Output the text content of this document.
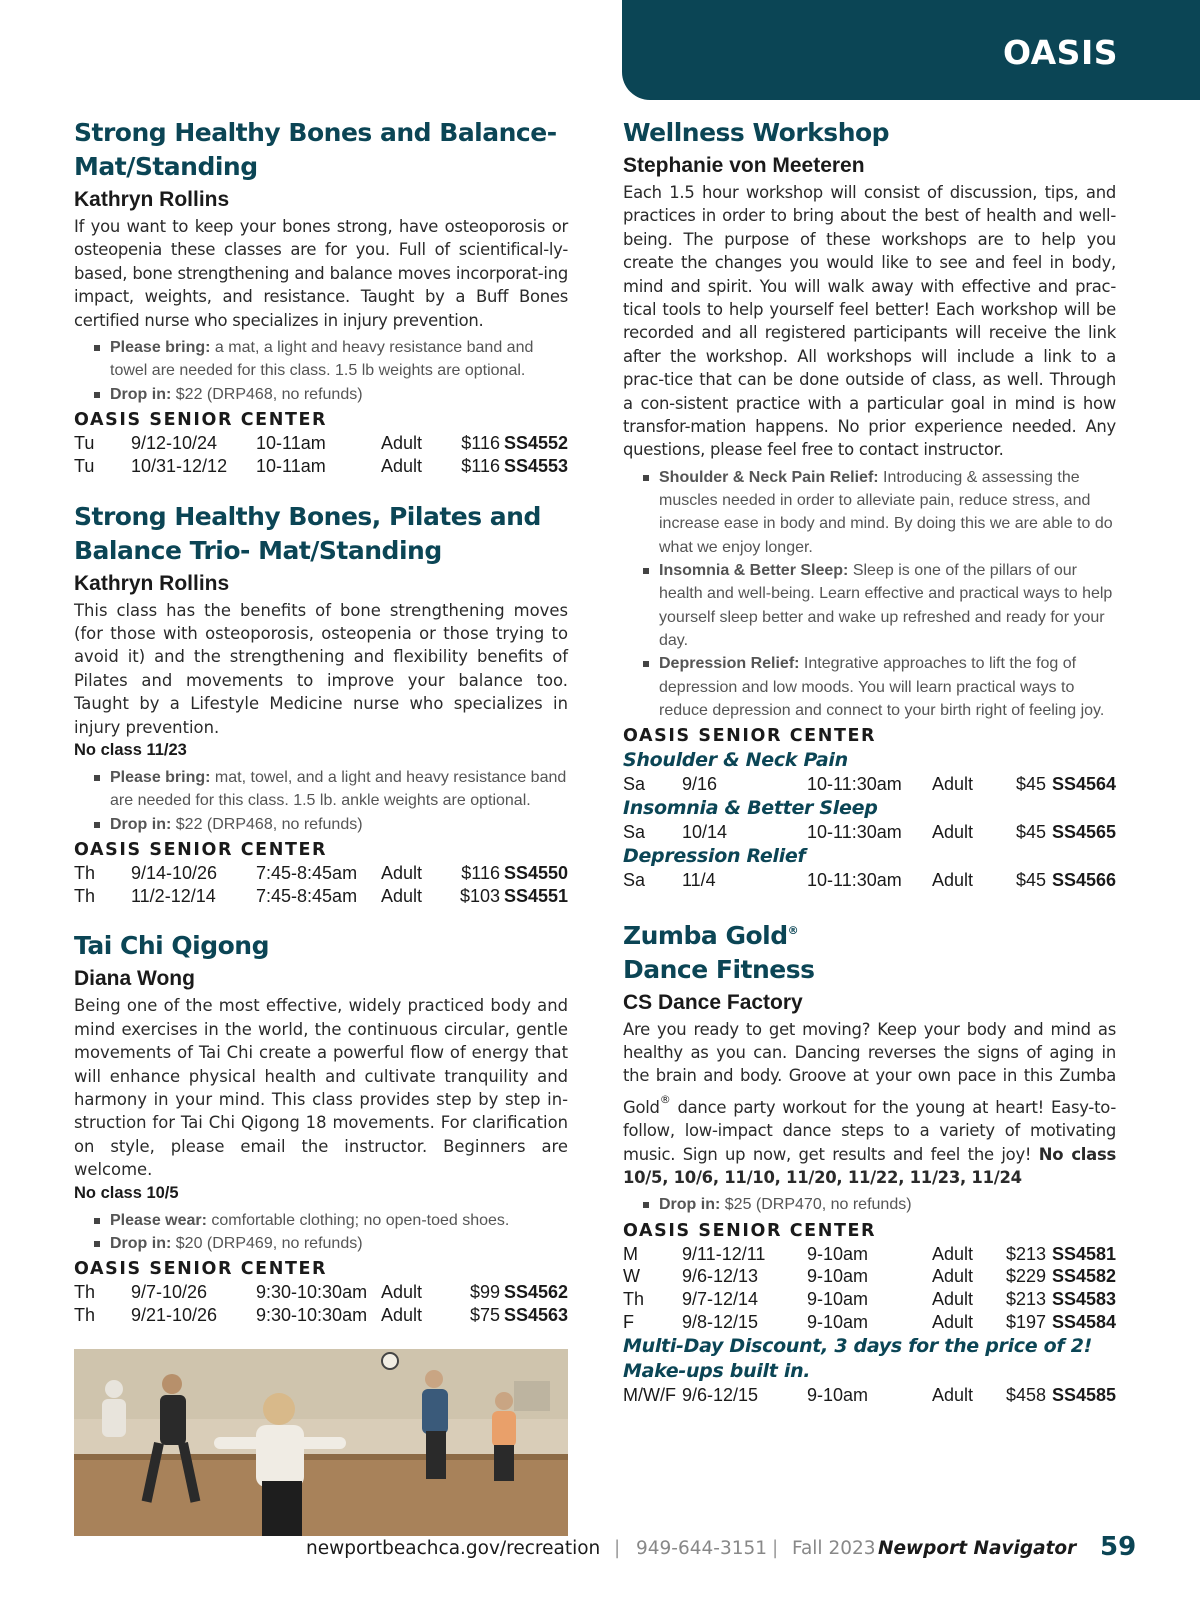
OASIS
Strong Healthy Bones and Balance-Mat/Standing
Kathryn Rollins
If you want to keep your bones strong, have osteoporosis or osteopenia these classes are for you. Full of scientifical-ly-based, bone strengthening and balance moves incorporat-ing impact, weights, and resistance. Taught by a Buff Bones certified nurse who specializes in injury prevention.
Please bring: a mat, a light and heavy resistance band and towel are needed for this class. 1.5 lb weights are optional.
Drop in: $22 (DRP468, no refunds)
OASIS SENIOR CENTER
Tu	9/12-10/24	10-11am	Adult	$116 SS4552
Tu	10/31-12/12	10-11am	Adult	$116 SS4553
Strong Healthy Bones, Pilates and Balance Trio- Mat/Standing
Kathryn Rollins
This class has the benefits of bone strengthening moves (for those with osteoporosis, osteopenia or those trying to avoid it) and the strengthening and flexibility benefits of Pilates and movements to improve your balance too. Taught by a Lifestyle Medicine nurse who specializes in injury prevention.
No class 11/23
Please bring: mat, towel, and a light and heavy resistance band are needed for this class. 1.5 lb. ankle weights are optional.
Drop in: $22 (DRP468, no refunds)
OASIS SENIOR CENTER
Th	9/14-10/26	7:45-8:45am	Adult	$116 SS4550
Th	11/2-12/14	7:45-8:45am	Adult	$103 SS4551
Tai Chi Qigong
Diana Wong
Being one of the most effective, widely practiced body and mind exercises in the world, the continuous circular, gentle movements of Tai Chi create a powerful flow of energy that will enhance physical health and cultivate tranquility and harmony in your mind. This class provides step by step in-struction for Tai Chi Qigong 18 movements. For clarification on style, please email the instructor. Beginners are welcome.
No class 10/5
Please wear: comfortable clothing; no open-toed shoes.
Drop in: $20 (DRP469, no refunds)
OASIS SENIOR CENTER
Th	9/7-10/26	9:30-10:30am Adult	$99 SS4562
Th	9/21-10/26	9:30-10:30am Adult	$75 SS4563
Wellness Workshop
Stephanie von Meeteren
Each 1.5 hour workshop will consist of discussion, tips, and practices in order to bring about the best of health and well-being. The purpose of these workshops are to help you create the changes you would like to see and feel in body, mind and spirit. You will walk away with effective and prac-tical tools to help yourself feel better! Each workshop will be recorded and all registered participants will receive the link after the workshop. All workshops will include a link to a prac-tice that can be done outside of class, as well. Through a con-sistent practice with a particular goal in mind is how transfor-mation happens. No prior experience needed. Any questions, please feel free to contact instructor.
Shoulder & Neck Pain Relief: Introducing & assessing the muscles needed in order to alleviate pain, reduce stress, and increase ease in body and mind. By doing this we are able to do what we enjoy longer.
Insomnia & Better Sleep: Sleep is one of the pillars of our health and well-being. Learn effective and practical ways to help yourself sleep better and wake up refreshed and ready for your day.
Depression Relief: Integrative approaches to lift the fog of depression and low moods. You will learn practical ways to reduce depression and connect to your birth right of feeling joy.
OASIS SENIOR CENTER
Shoulder & Neck Pain
Sa	9/16	10-11:30am	Adult	$45 SS4564
Insomnia & Better Sleep
Sa	10/14	10-11:30am	Adult	$45 SS4565
Depression Relief
Sa	11/4	10-11:30am	Adult	$45 SS4566
Zumba Gold®
Dance Fitness
CS Dance Factory
Are you ready to get moving? Keep your body and mind as healthy as you can. Dancing reverses the signs of aging in the brain and body. Groove at your own pace in this Zumba Gold® dance party workout for the young at heart! Easy-to-follow, low-impact dance steps to a variety of motivating music. Sign up now, get results and feel the joy! No class 10/5, 10/6, 11/10, 11/20, 11/22, 11/23, 11/24
Drop in: $25 (DRP470, no refunds)
OASIS SENIOR CENTER
M	9/11-12/11	9-10am	Adult	$213 SS4581
W	9/6-12/13	9-10am	Adult	$229 SS4582
Th	9/7-12/14	9-10am	Adult	$213 SS4583
F	9/8-12/15	9-10am	Adult	$197 SS4584
Multi-Day Discount, 3 days for the price of 2! Make-ups built in.
M/W/F 9/6-12/15	9-10am	Adult	$458 SS4585
newportbeachca.gov/recreation | 949-644-3151 | Fall 2023 Newport Navigator 59
